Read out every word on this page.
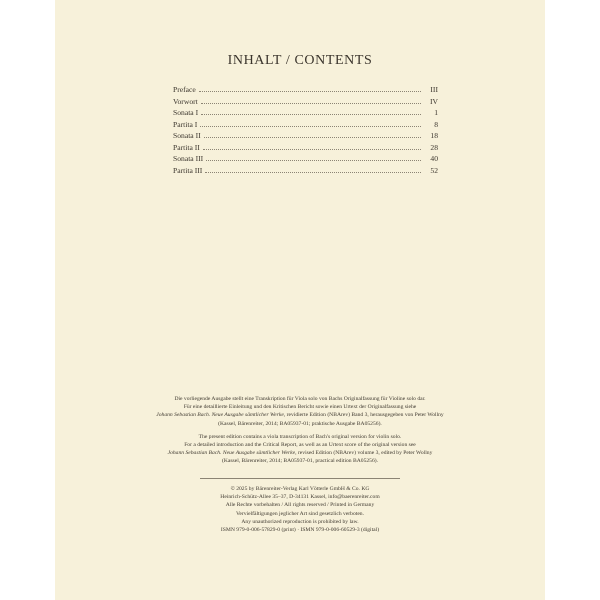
INHALT / CONTENTS
Preface	III
Vorwort	IV
Sonata I	1
Partita I	8
Sonata II	18
Partita II	28
Sonata III	40
Partita III	52

Die vorliegende Ausgabe stellt eine Transkription für Viola solo von Bachs Originalfassung für Violine solo dar.
Für eine detaillierte Einleitung und den Kritischen Bericht sowie einen Urtext der Originalfassung siehe
Johann Sebastian Bach. Neue Ausgabe sämtlicher Werke, revidierte Edition (NBArev) Band 3, herausgegeben von Peter Wollny
(Kassel, Bärenreiter, 2014; BA05937-01; praktische Ausgabe BA05256).

The present edition contains a viola transcription of Bach's original version for violin solo.
For a detailed introduction and the Critical Report, as well as an Urtext score of the original version see
Johann Sebastian Bach. Neue Ausgabe sämtlicher Werke, revised Edition (NBArev) volume 3, edited by Peter Wollny
(Kassel, Bärenreiter, 2014; BA05937-01, practical edition BA05256).

© 2025 by Bärenreiter-Verlag Karl Vötterle GmbH & Co. KG
Heinrich-Schütz-Allee 35–37, D-34131 Kassel, info@baerenreiter.com
Alle Rechte vorbehalten / All rights reserved / Printed in Germany
Vervielfältigungen jeglicher Art sind gesetzlich verboten.
Any unauthorized reproduction is prohibited by law.
ISMN 979-0-006-57829-0 (print) · ISMN 979-0-006-60529-3 (digital)
